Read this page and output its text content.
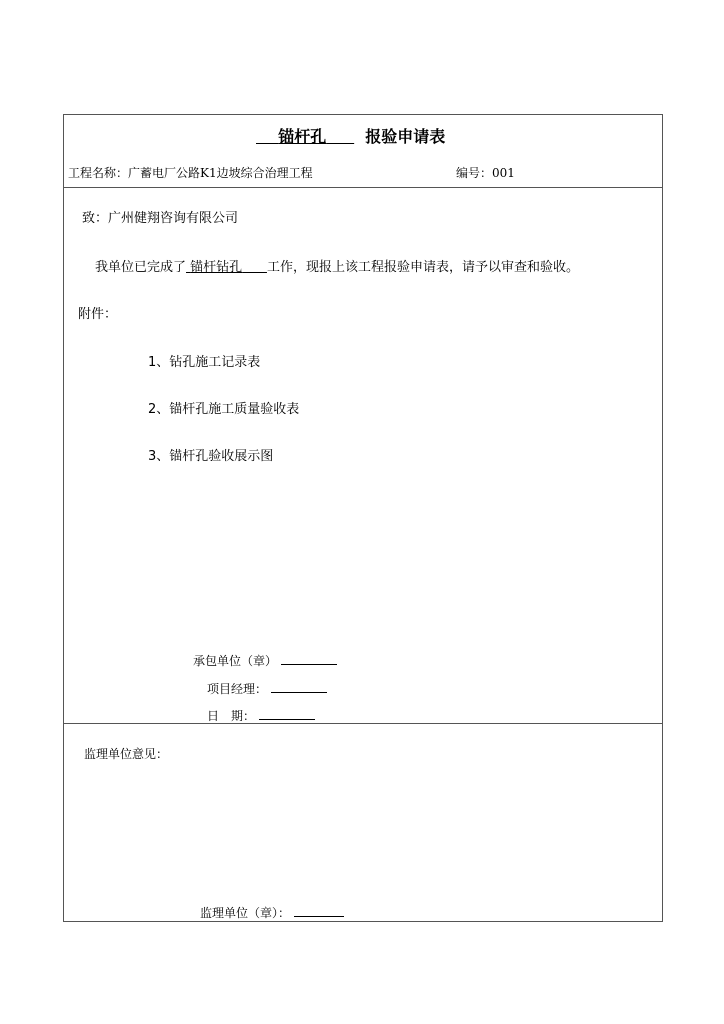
锚杆孔 报验申请表
工程名称：广蓄电厂公路K1边坡综合治理工程	编号：001
致：广州健翔咨询有限公司
我单位已完成了 锚杆钻孔 工作，现报上该工程报验申请表，请予以审查和验收。
附件：
1、钻孔施工记录表
2、锚杆孔施工质量验收表
3、锚杆孔验收展示图
承包单位（章）
项目经理：
日　期：
监理单位意见：
监理单位（章）：
